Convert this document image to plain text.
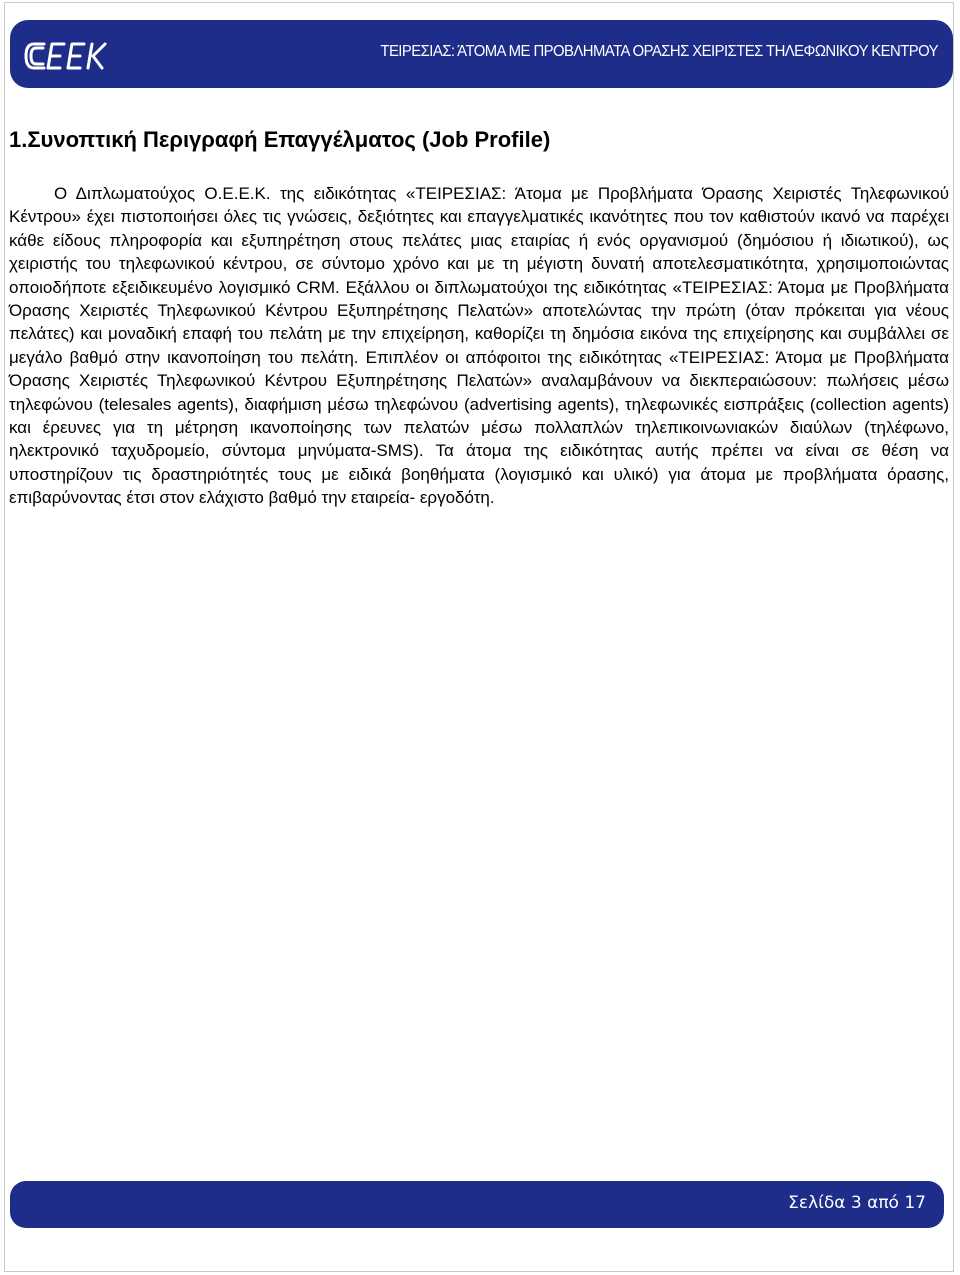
ΤΕΙΡΕΣΙΑΣ: ΆΤΟΜΑ ΜΕ ΠΡΟΒΛΗΜΑΤΑ ΟΡΑΣΗΣ ΧΕΙΡΙΣΤΕΣ ΤΗΛΕΦΩΝΙΚΟΥ ΚΕΝΤΡΟΥ
1.Συνοπτική Περιγραφή Επαγγέλματος (Job Profile)

Ο Διπλωματούχος Ο.Ε.Ε.Κ. της ειδικότητας «ΤΕΙΡΕΣΙΑΣ: Άτομα με Προβλήματα Όρασης Χειριστές Τηλεφωνικού Κέντρου» έχει πιστοποιήσει όλες τις γνώσεις, δεξιότητες και επαγγελματικές ικανότητες που τον καθιστούν ικανό να παρέχει κάθε είδους πληροφορία και εξυπηρέτηση στους πελάτες μιας εταιρίας ή ενός οργανισμού (δημόσιου ή ιδιωτικού), ως χειριστής του τηλεφωνικού κέντρου, σε σύντομο χρόνο και με τη μέγιστη δυνατή αποτελεσματικότητα, χρησιμοποιώντας οποιοδήποτε εξειδικευμένο λογισμικό CRM. Εξάλλου οι διπλωματούχοι της ειδικότητας «ΤΕΙΡΕΣΙΑΣ: Άτομα με Προβλήματα Όρασης Χειριστές Τηλεφωνικού Κέντρου Εξυπηρέτησης Πελατών» αποτελώντας την πρώτη (όταν πρόκειται για νέους πελάτες) και μοναδική επαφή του πελάτη με την επιχείρηση, καθορίζει τη δημόσια εικόνα της επιχείρησης και συμβάλλει σε μεγάλο βαθμό στην ικανοποίηση του πελάτη. Επιπλέον οι απόφοιτοι της ειδικότητας «ΤΕΙΡΕΣΙΑΣ: Άτομα με Προβλήματα Όρασης Χειριστές Τηλεφωνικού Κέντρου Εξυπηρέτησης Πελατών» αναλαμβάνουν να διεκπεραιώσουν: πωλήσεις μέσω τηλεφώνου (telesales agents), διαφήμιση μέσω τηλεφώνου (advertising agents), τηλεφωνικές εισπράξεις (collection agents) και έρευνες για τη μέτρηση ικανοποίησης των πελατών μέσω πολλαπλών τηλεπικοινωνιακών διαύλων (τηλέφωνο, ηλεκτρονικό ταχυδρομείο, σύντομα μηνύματα-SMS). Τα άτομα της ειδικότητας αυτής πρέπει να είναι σε θέση να υποστηρίζουν τις δραστηριότητές τους με ειδικά βοηθήματα (λογισμικό και υλικό) για άτομα με προβλήματα όρασης, επιβαρύνοντας έτσι στον ελάχιστο βαθμό την εταιρεία- εργοδότη.

Σελίδα 3 από 17
